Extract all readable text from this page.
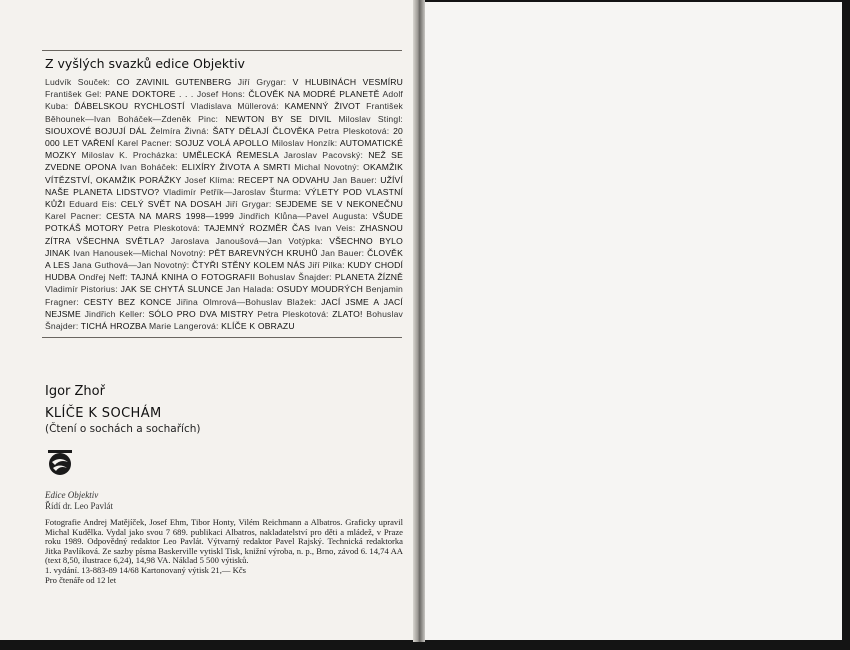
Z vyšlých svazků edice Objektiv
Ludvík Souček: CO ZAVINIL GUTENBERG Jiří Grygar: V HLUBINÁCH VESMÍRU František Gel: PANE DOKTORE . . . Josef Hons: ČLOVĚK NA MODRÉ PLANETĚ Adolf Kuba: ĎÁBELSKOU RYCHLOSTÍ Vladislava Müllerová: KAMENNÝ ŽIVOT František Běhounek—Ivan Boháček—Zdeněk Pinc: NEWTON BY SE DIVIL Miloslav Stingl: SIOUXOVÉ BOJUJÍ DÁL Želmíra Živná: ŠATY DĚLAJÍ ČLOVĚKA Petra Pleskotová: 20 000 LET VAŘENÍ Karel Pacner: SOJUZ VOLÁ APOLLO Miloslav Honzík: AUTOMATICKÉ MOZKY Miloslav K. Procházka: UMĚLECKÁ ŘEMESLA Jaroslav Pacovský: NEŽ SE ZVEDNE OPONA Ivan Boháček: ELIXÍRY ŽIVOTA A SMRTI Michal Novotný: OKAMŽIK VÍTĚZSTVÍ, OKAMŽIK PORÁŽKY Josef Klíma: RECEPT NA ODVAHU Jan Bauer: UŽÍVÍ NAŠE PLANETA LIDSTVO? Vladimír Petřík—Jaroslav Šturma: VÝLETY POD VLASTNÍ KŮŽI Eduard Eis: CELÝ SVĚT NA DOSAH Jiří Grygar: SEJDEME SE V NEKONEČNU Karel Pacner: CESTA NA MARS 1998—1999 Jindřich Klůna—Pavel Augusta: VŠUDE POTKÁŠ MOTORY Petra Pleskotová: TAJEMNÝ ROZMĚR ČAS Ivan Veis: ZHASNOU ZÍTRA VŠECHNA SVĚTLA? Jaroslava Janoušová—Jan Votýpka: VŠECHNO BYLO JINAK Ivan Hanousek—Michal Novotný: PĚT BAREVNÝCH KRUHŮ Jan Bauer: ČLOVĚK A LES Jana Guthová—Jan Novotný: ČTYŘI STĚNY KOLEM NÁS Jiří Pilka: KUDY CHODÍ HUDBA Ondřej Neff: TAJNÁ KNIHA O FOTOGRAFII Bohuslav Šnajder: PLANETA ŽÍZNĚ Vladimír Pistorius: JAK SE CHYTÁ SLUNCE Jan Halada: OSUDY MOUDRÝCH Benjamin Fragner: CESTY BEZ KONCE Jiřina Olmrová—Bohuslav Blažek: JACÍ JSME A JACÍ NEJSME Jindřich Keller: SÓLO PRO DVA MISTRY Petra Pleskotová: ZLATO! Bohuslav Šnajder: TICHÁ HROZBA Marie Langerová: KLÍČE K OBRAZU
Igor Zhoř
KLÍČE K SOCHÁM
(Čtení o sochách a sochařích)
Edice Objektiv
Řídí dr. Leo Pavlát
Fotografie Andrej Matějíček, Josef Ehm, Tibor Honty, Vilém Reichmann a Albatros. Graficky upravil Michal Kudělka. Vydal jako svou 7 689. publikaci Albatros, nakladatelství pro děti a mládež, v Praze roku 1989. Odpovědný redaktor Leo Pavlát. Výtvarný redaktor Pavel Rajský. Technická redaktorka Jitka Pavlíková. Ze sazby písma Baskerville vytiskl Tisk, knižní výroba, n. p., Brno, závod 6. 14,74 AA (text 8,50, ilustrace 6,24), 14,98 VA. Náklad 5 500 výtisků.
1. vydání. 13-883-89 14/68 Kartonovaný výtisk 21,— Kčs
Pro čtenáře od 12 let
